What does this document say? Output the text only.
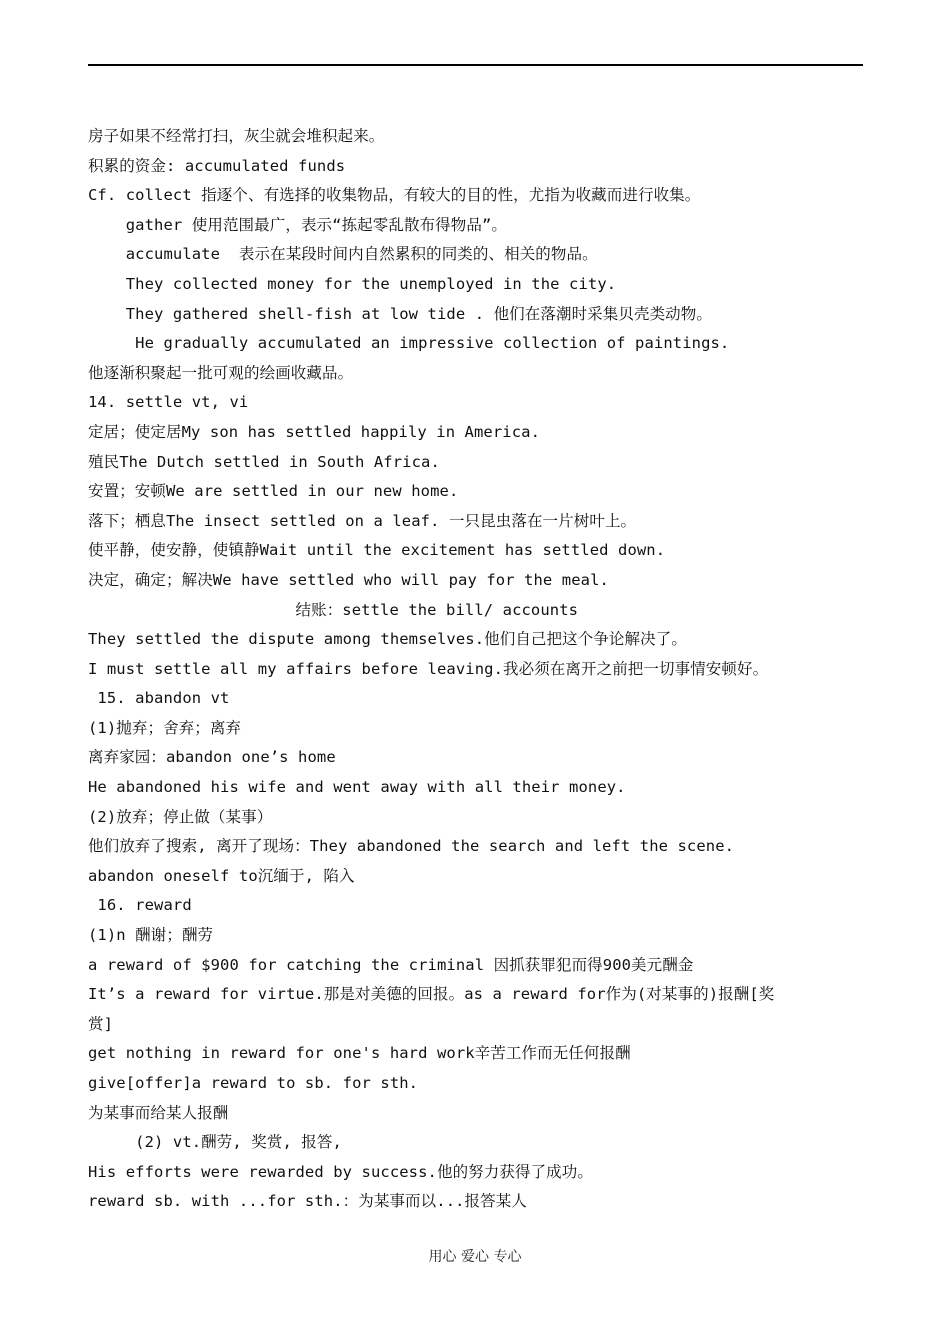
房子如果不经常打扫，灰尘就会堆积起来。
积累的资金: accumulated funds
Cf. collect 指逐个、有选择的收集物品，有较大的目的性，尤指为收藏而进行收集。
gather 使用范围最广，表示“拣起零乱散布得物品”。
accumulate  表示在某段时间内自然累积的同类的、相关的物品。
They collected money for the unemployed in the city.
They gathered shell-fish at low tide . 他们在落潮时采集贝壳类动物。
He gradually accumulated an impressive collection of paintings.
他逐渐积聚起一批可观的绘画收藏品。
14. settle vt, vi
定居；使定居My son has settled happily in America.
殖民The Dutch settled in South Africa.
安置；安顿We are settled in our new home.
落下；栖息The insect settled on a leaf. 一只昆虫落在一片树叶上。
使平静，使安静，使镇静Wait until the excitement has settled down.
决定，确定；解决We have settled who will pay for the meal.
结账：settle the bill/ accounts
They settled the dispute among themselves.他们自己把这个争论解决了。
I must settle all my affairs before leaving.我必须在离开之前把一切事情安顿好。
15. abandon vt
(1)抛弃；舍弃；离弃
离弃家园：abandon one’s home
He abandoned his wife and went away with all their money.
(2)放弃；停止做（某事）
他们放弃了搜索, 离开了现场：They abandoned the search and left the scene.
abandon oneself to沉缅于, 陷入
16. reward
(1)n 酬谢；酬劳
a reward of $900 for catching the criminal 因抓获罪犯而得900美元酬金
It’s a reward for virtue.那是对美德的回报。as a reward for作为(对某事的)报酬[奖
赏]
get nothing in reward for one's hard work辛苦工作而无任何报酬
give[offer]a reward to sb. for sth.
为某事而给某人报酬
(2) vt.酬劳, 奖赏, 报答,
His efforts were rewarded by success.他的努力获得了成功。
reward sb. with ...for sth.：为某事而以...报答某人
用心 爱心 专心
